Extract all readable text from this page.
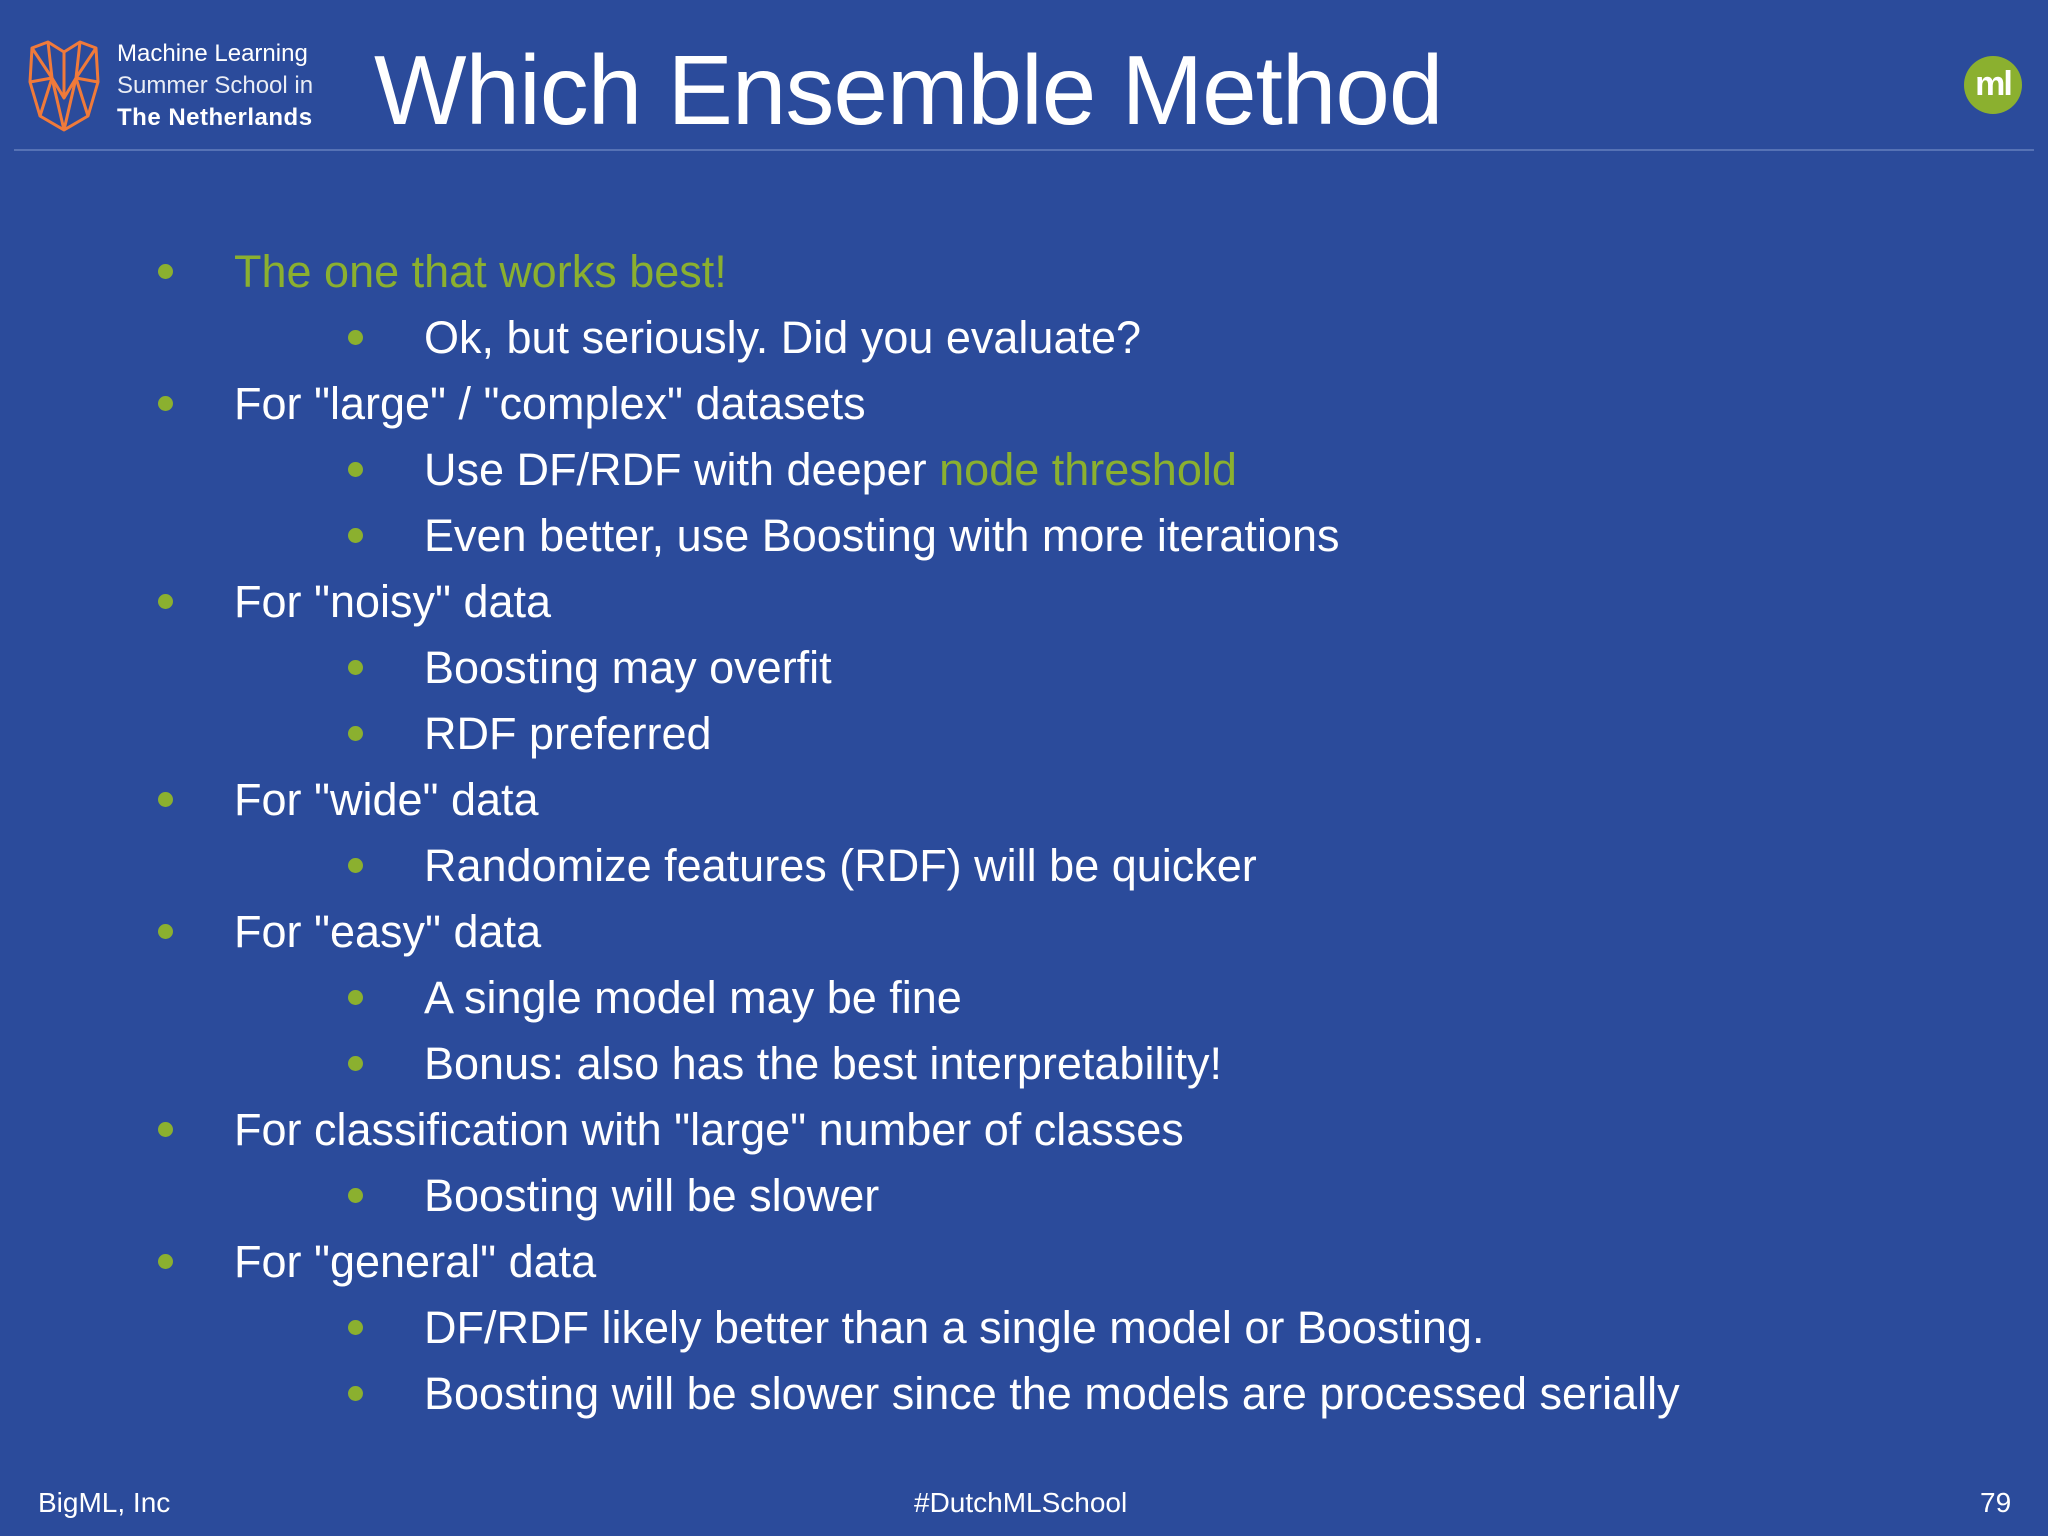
Machine Learning
Summer School in
The Netherlands Which Ensemble Method	ml
The one that works best!
Ok, but seriously. Did you evaluate?
For "large" / "complex" datasets
Use DF/RDF with deeper node threshold
Even better, use Boosting with more iterations
For "noisy" data
Boosting may overfit
RDF preferred
For "wide" data
Randomize features (RDF) will be quicker
For "easy" data
A single model may be fine
Bonus: also has the best interpretability!
For classification with "large" number of classes
Boosting will be slower
For "general" data
DF/RDF likely better than a single model or Boosting.
Boosting will be slower since the models are processed serially
BigML, Inc	#DutchMLSchool	79
